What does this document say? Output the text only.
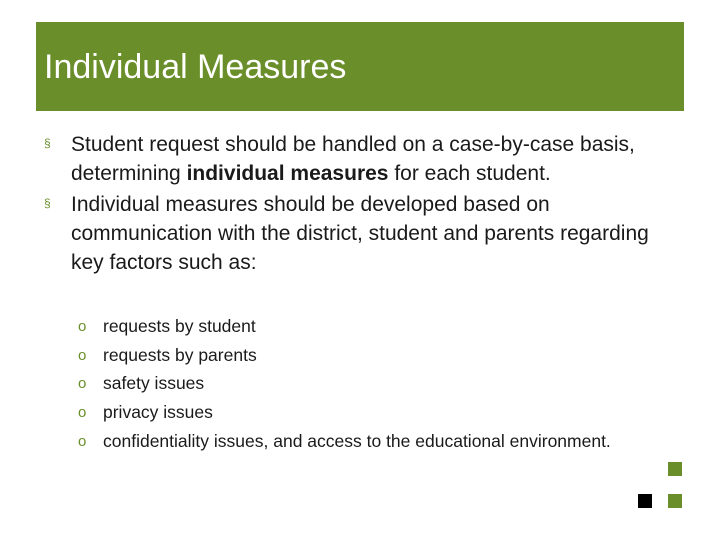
Individual Measures
§ Student request should be handled on a case-by-case basis, determining individual measures for each student.
§ Individual measures should be developed based on communication with the district, student and parents regarding key factors such as:
o requests by student
o requests by parents
o safety issues
o privacy issues
o confidentiality issues, and access to the educational environment.
